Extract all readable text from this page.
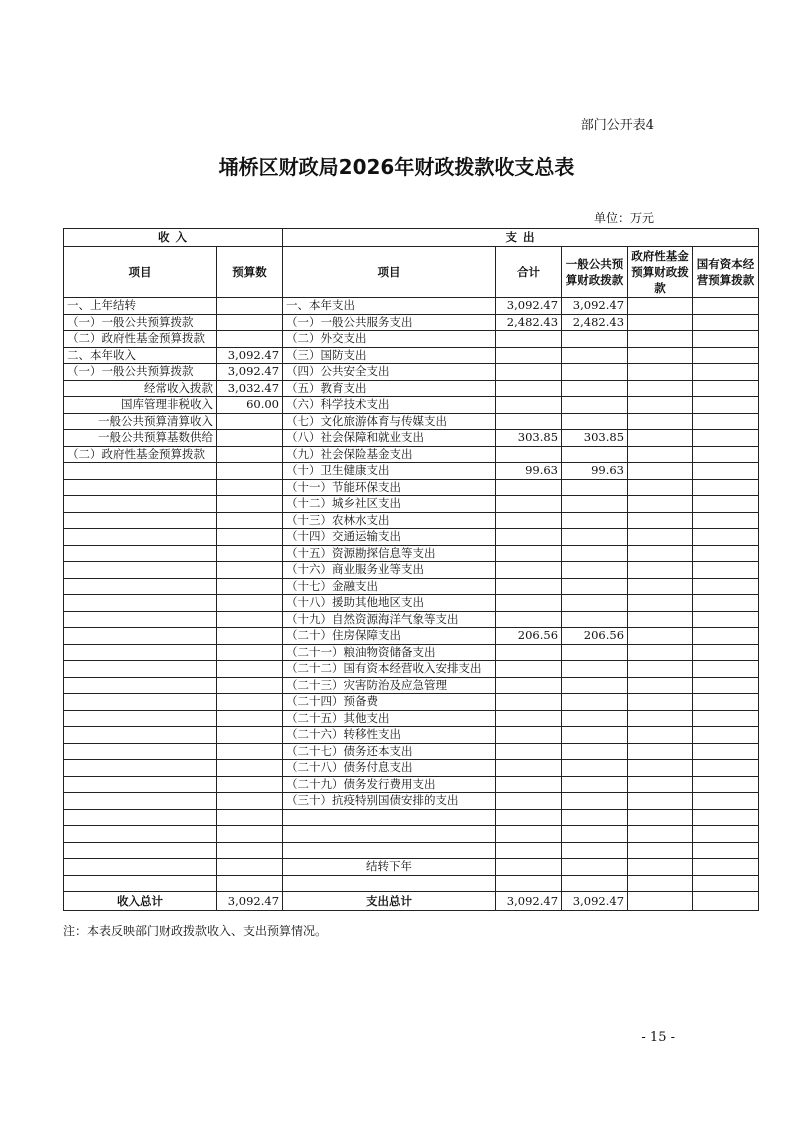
部门公开表4
埇桥区财政局2026年财政拨款收支总表
单位：万元
收 入		支 出				
项目	预算数	项目	合计	一般公共预算财政拨款	政府性基金预算财政拨款	国有资本经营预算拨款
一、上年结转		一、本年支出	3,092.47	3,092.47		
（一）一般公共预算拨款		（一）一般公共服务支出	2,482.43	2,482.43		
（二）政府性基金预算拨款		（二）外交支出				
二、本年收入	3,092.47	（三）国防支出				
（一）一般公共预算拨款	3,092.47	（四）公共安全支出				
经常收入拨款	3,032.47	（五）教育支出				
国库管理非税收入	60.00	（六）科学技术支出				
一般公共预算清算收入		（七）文化旅游体育与传媒支出				
一般公共预算基数供给		（八）社会保障和就业支出	303.85	303.85		
（二）政府性基金预算拨款		（九）社会保险基金支出				
		（十）卫生健康支出	99.63	99.63		
		（十一）节能环保支出				
		（十二）城乡社区支出				
		（十三）农林水支出				
		（十四）交通运输支出				
		（十五）资源勘探信息等支出				
		（十六）商业服务业等支出				
		（十七）金融支出				
		（十八）援助其他地区支出				
		（十九）自然资源海洋气象等支出				
		（二十）住房保障支出	206.56	206.56		
		（二十一）粮油物资储备支出				
		（二十二）国有资本经营收入安排支出				
		（二十三）灾害防治及应急管理				
		（二十四）预备费				
		（二十五）其他支出				
		（二十六）转移性支出				
		（二十七）债务还本支出				
		（二十八）债务付息支出				
		（二十九）债务发行费用支出				
		（三十）抗疫特别国债安排的支出				

		结转下年				

收入总计	3,092.47	支出总计	3,092.47	3,092.47		
注：本表反映部门财政拨款收入、支出预算情况。
- 15 -
